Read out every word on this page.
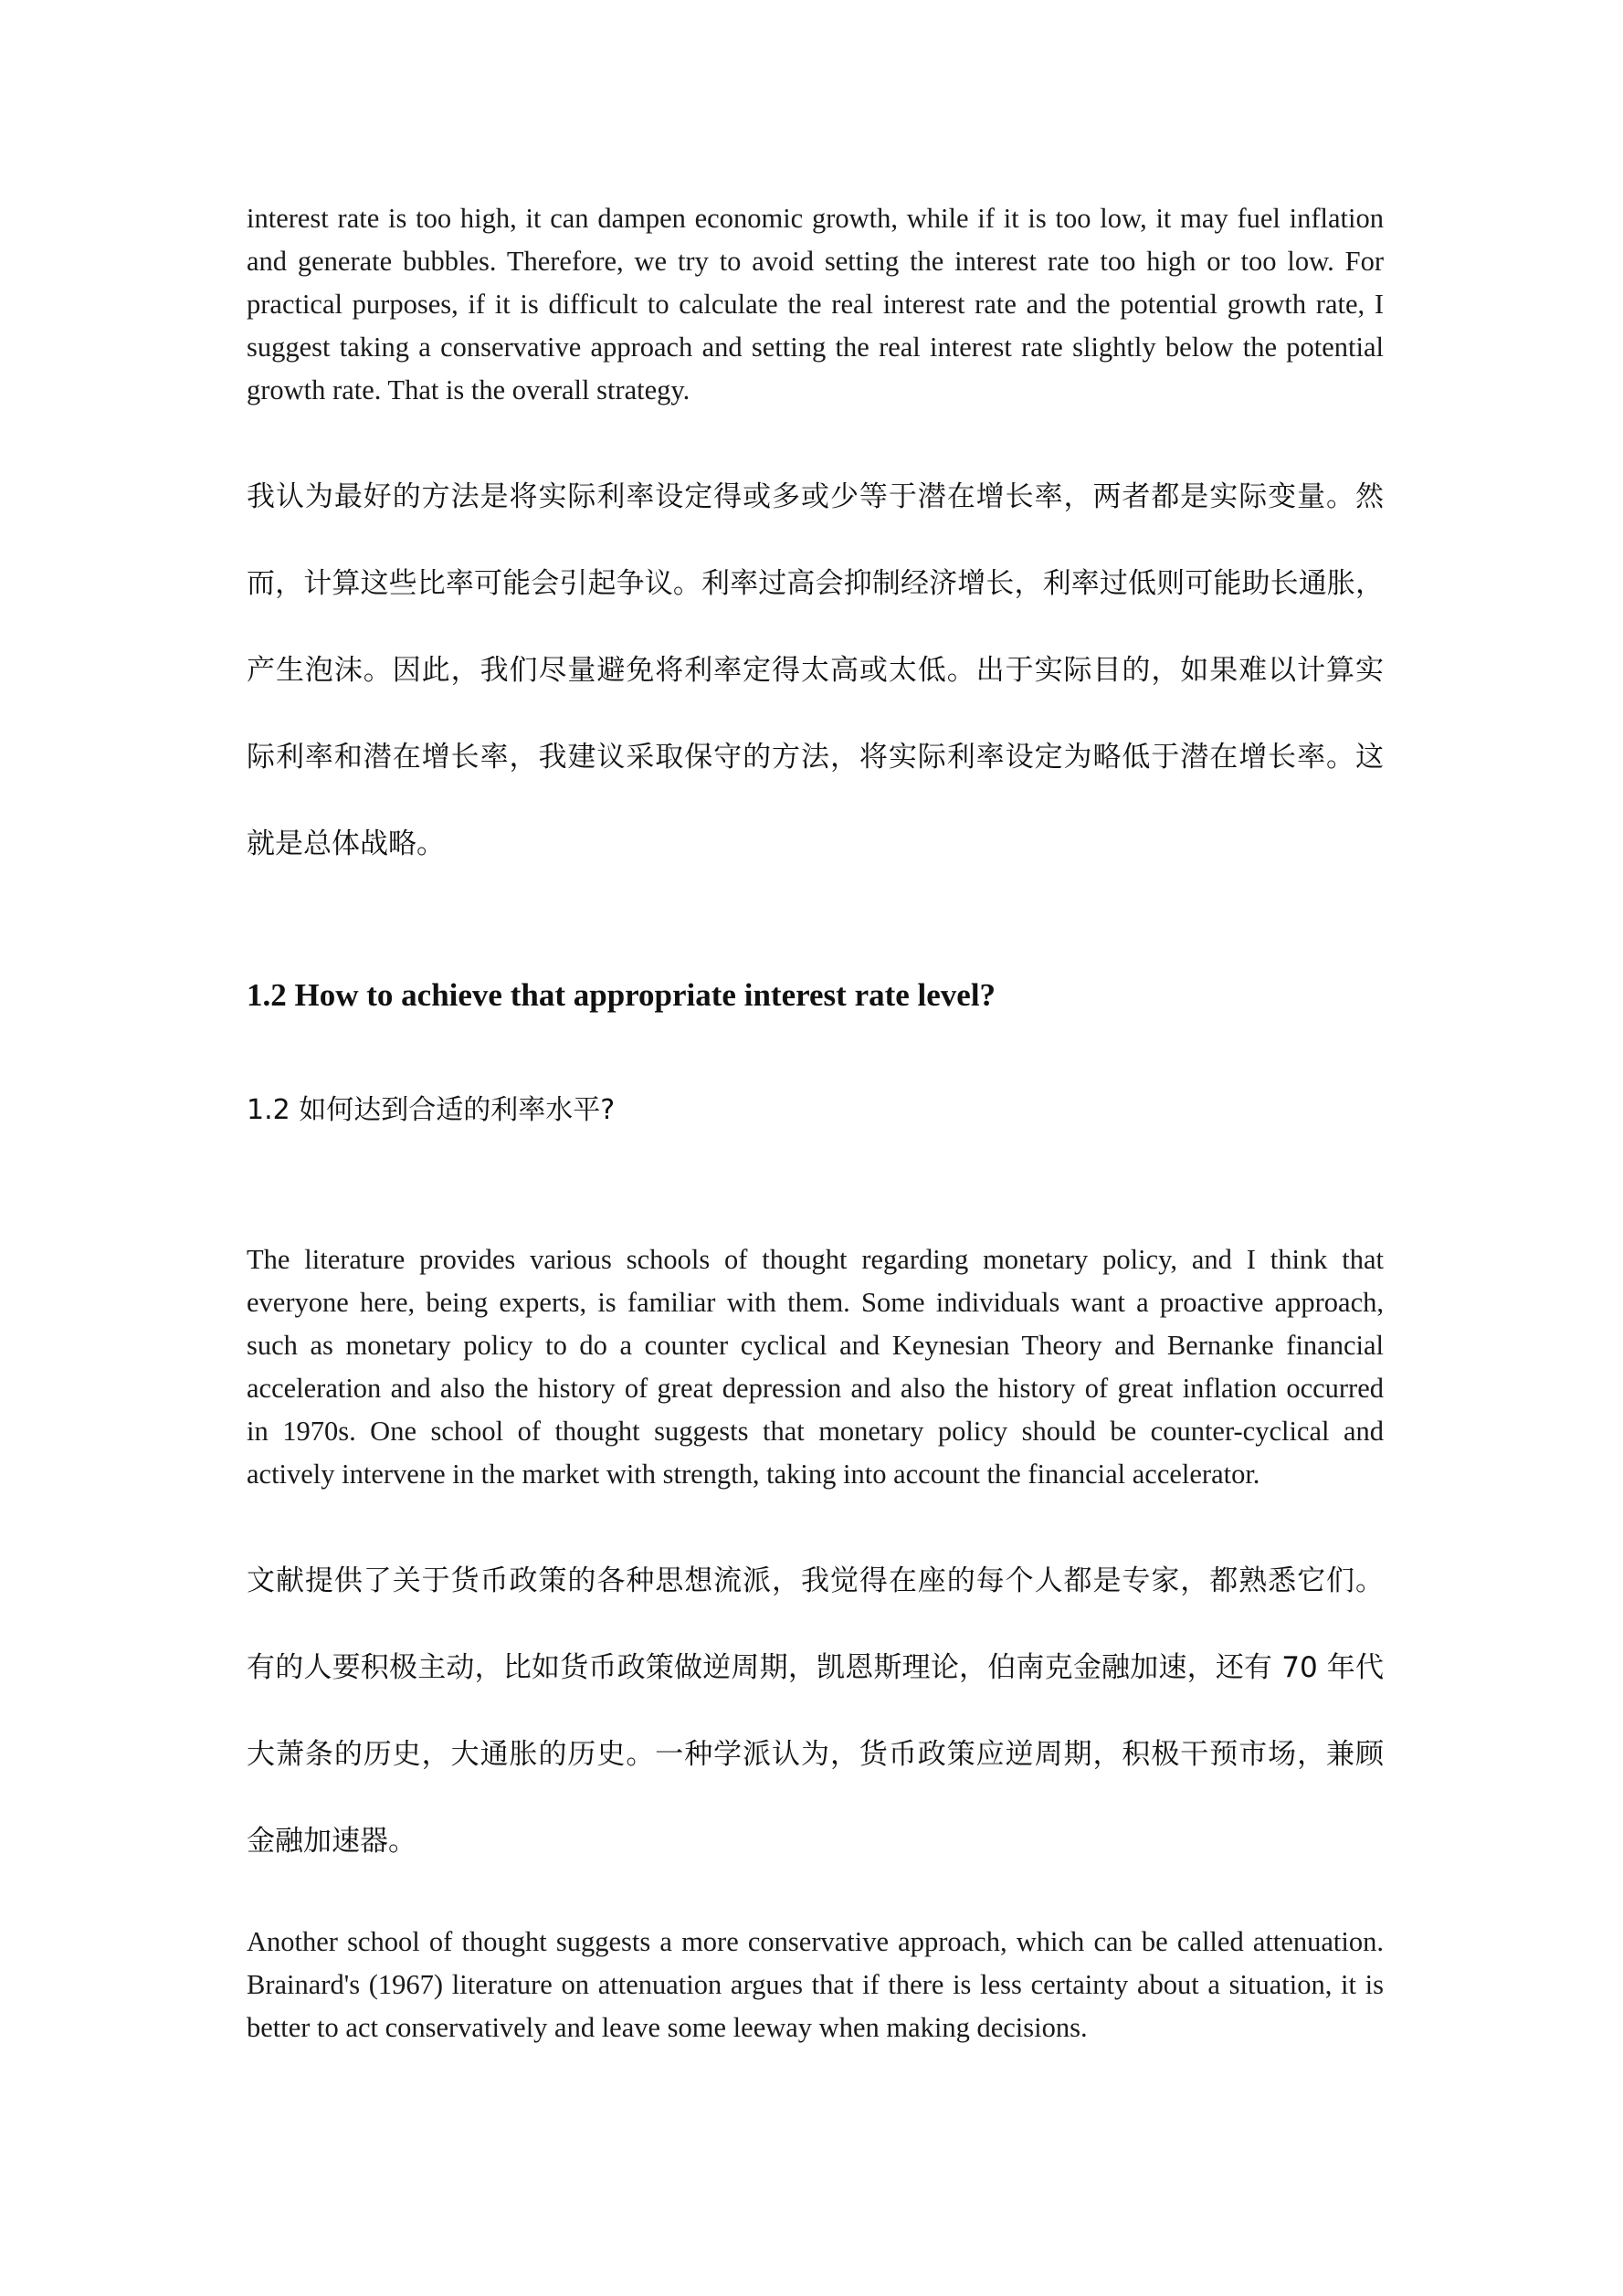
interest rate is too high, it can dampen economic growth, while if it is too low, it may fuel inflation
and generate bubbles. Therefore, we try to avoid setting the interest rate too high or too low. For
practical purposes, if it is difficult to calculate the real interest rate and the potential growth rate, I
suggest taking a conservative approach and setting the real interest rate slightly below the potential
growth rate. That is the overall strategy.
我认为最好的方法是将实际利率设定得或多或少等于潜在增长率，两者都是实际变量。然
而，计算这些比率可能会引起争议。利率过高会抑制经济增长，利率过低则可能助长通胀，
产生泡沫。因此，我们尽量避免将利率定得太高或太低。出于实际目的，如果难以计算实
际利率和潜在增长率，我建议采取保守的方法，将实际利率设定为略低于潜在增长率。这
就是总体战略。
1.2 How to achieve that appropriate interest rate level?
1.2 如何达到合适的利率水平?
The literature provides various schools of thought regarding monetary policy, and I think that
everyone here, being experts, is familiar with them. Some individuals want a proactive approach,
such as monetary policy to do a counter cyclical and Keynesian Theory and Bernanke financial
acceleration and also the history of great depression and also the history of great inflation occurred
in 1970s. One school of thought suggests that monetary policy should be counter-cyclical and
actively intervene in the market with strength, taking into account the financial accelerator.
文献提供了关于货币政策的各种思想流派，我觉得在座的每个人都是专家，都熟悉它们。
有的人要积极主动，比如货币政策做逆周期，凯恩斯理论，伯南克金融加速，还有 70 年代
大萧条的历史，大通胀的历史。一种学派认为，货币政策应逆周期，积极干预市场，兼顾
金融加速器。
Another school of thought suggests a more conservative approach, which can be called attenuation.
Brainard's (1967) literature on attenuation argues that if there is less certainty about a situation, it is
better to act conservatively and leave some leeway when making decisions.
